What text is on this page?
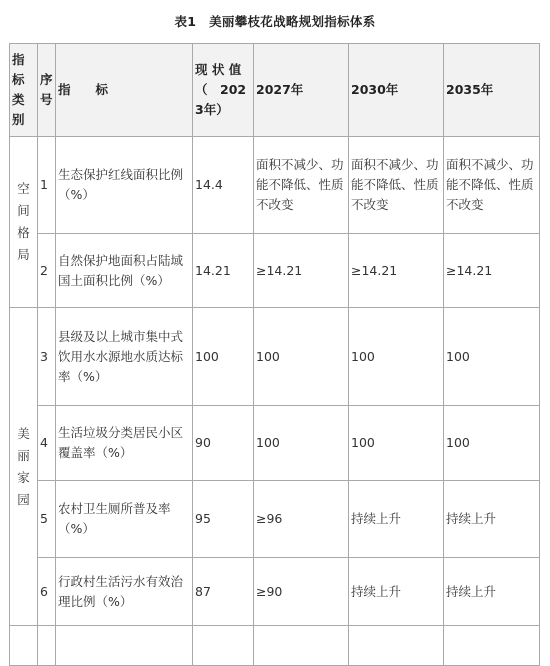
表1　美丽攀枝花战略规划指标体系
指标类别	序号	指　　标	现 状 值（　2023年）	2027年	2030年	2035年

空间格局	1	生态保护红线面积比例（%）	14.4	面积不减少、功能不降低、性质不改变	面积不减少、功能不降低、性质不改变	面积不减少、功能不降低、性质不改变
	2	自然保护地面积占陆域国土面积比例（%）	14.21	≥14.21	≥14.21	≥14.21

美丽家园	3	县级及以上城市集中式饮用水水源地水质达标率（%）	100	100	100	100
	4	生活垃圾分类居民小区覆盖率（%）	90	100	100	100
	5	农村卫生厕所普及率（%）	95	≥96	持续上升	持续上升
	6	行政村生活污水有效治理比例（%）	87	≥90	持续上升	持续上升
